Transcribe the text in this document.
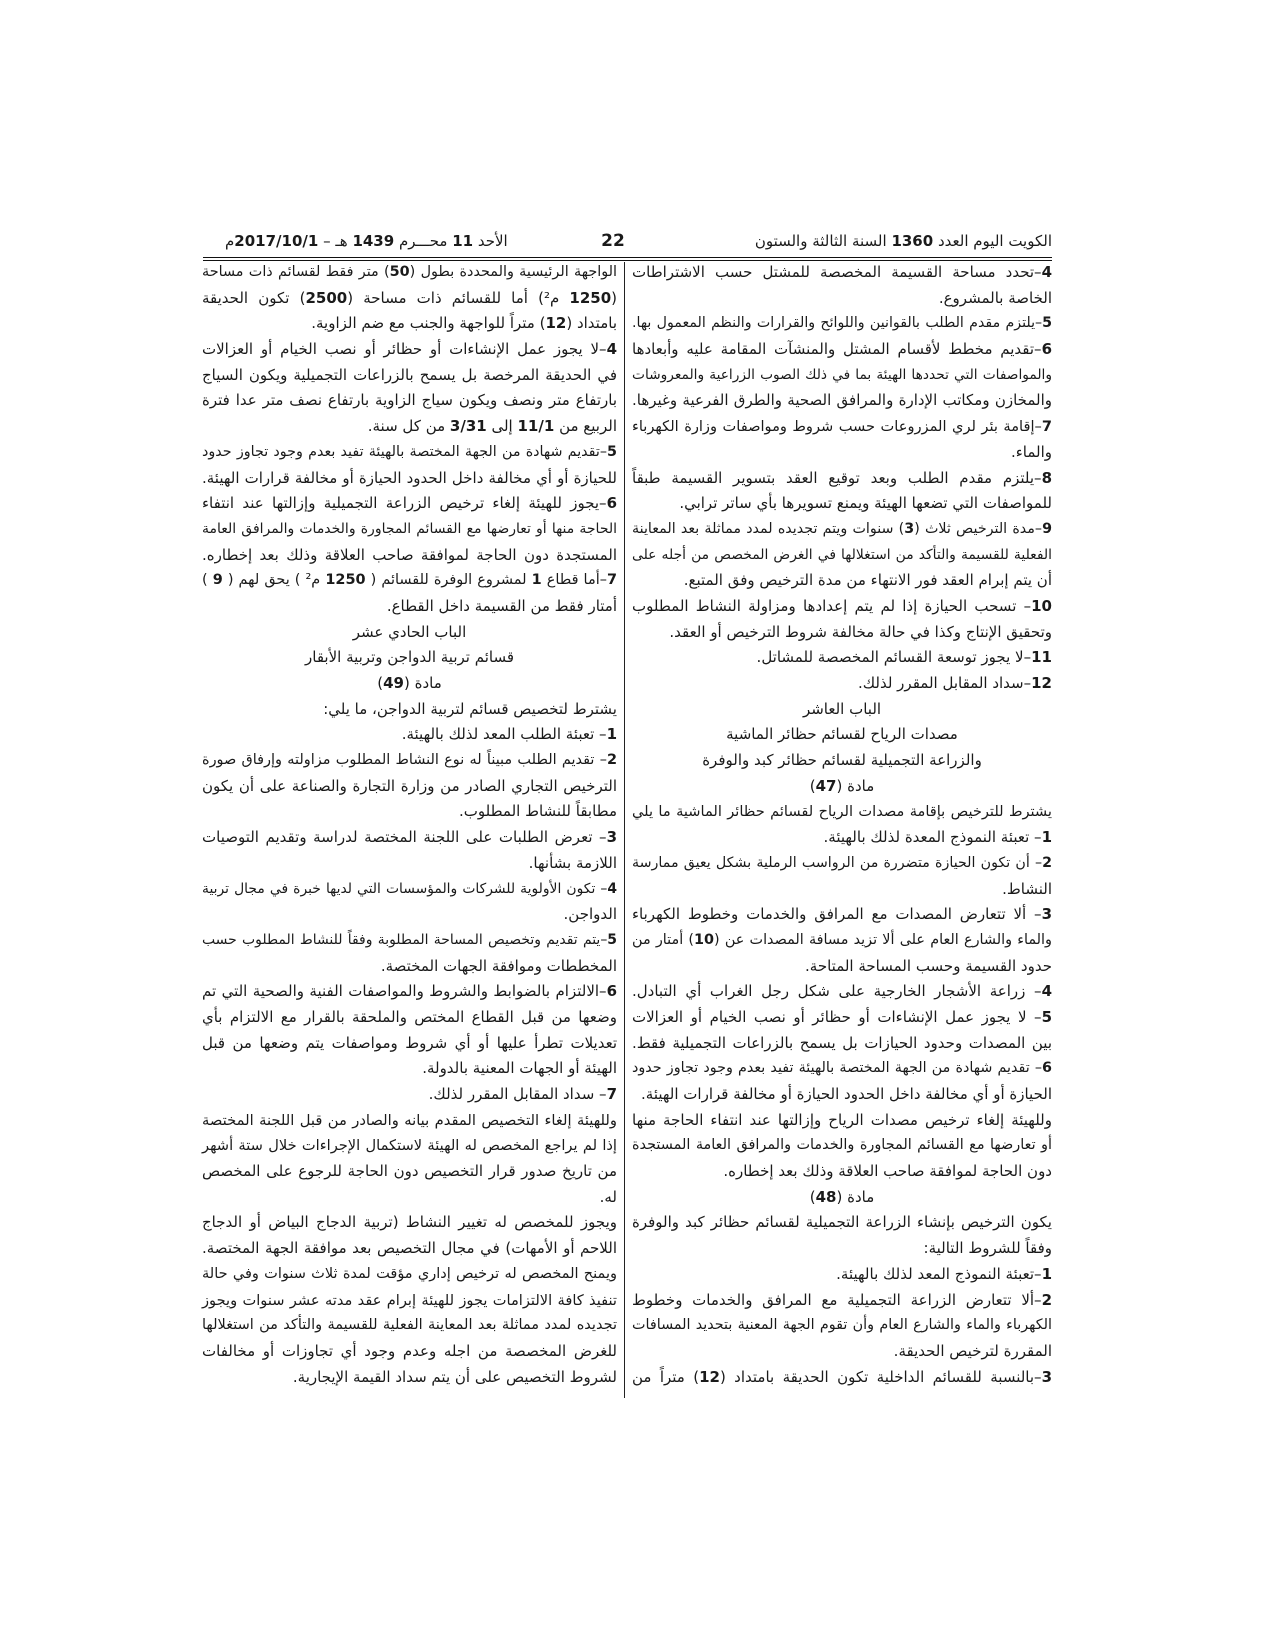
الكويت اليوم العدد 1360 السنة الثالثة والستون
22
الأحد 11 محـــرم 1439 هـ – 2017/10/1م
4–تحدد مساحة القسيمة المخصصة للمشتل حسب الاشتراطات
الخاصة بالمشروع.
5–يلتزم مقدم الطلب بالقوانين واللوائح والقرارات والنظم المعمول بها.
6–تقديم مخطط لأقسام المشتل والمنشآت المقامة عليه وأبعادها
والمواصفات التي تحددها الهيئة بما في ذلك الصوب الزراعية والمعروشات
والمخازن ومكاتب الإدارة والمرافق الصحية والطرق الفرعية وغيرها.
7–إقامة بئر لري المزروعات حسب شروط ومواصفات وزارة الكهرباء
والماء.
8–يلتزم مقدم الطلب وبعد توقيع العقد بتسوير القسيمة طبقاً
للمواصفات التي تضعها الهيئة ويمنع تسويرها بأي ساتر ترابي.
9–مدة الترخيص ثلاث (3) سنوات ويتم تجديده لمدد مماثلة بعد المعاينة
الفعلية للقسيمة والتأكد من استغلالها في الغرض المخصص من أجله على
أن يتم إبرام العقد فور الانتهاء من مدة الترخيص وفق المتبع.
10– تسحب الحيازة إذا لم يتم إعدادها ومزاولة النشاط المطلوب
وتحقيق الإنتاج وكذا في حالة مخالفة شروط الترخيص أو العقد.
11–لا يجوز توسعة القسائم المخصصة للمشاتل.
12–سداد المقابل المقرر لذلك.
الباب العاشر
مصدات الرياح لقسائم حظائر الماشية
والزراعة التجميلية لقسائم حظائر كبد والوفرة
مادة (47)
يشترط للترخيص بإقامة مصدات الرياح لقسائم حظائر الماشية ما يلي
1– تعبئة النموذج المعدة لذلك بالهيئة.
2– أن تكون الحيازة متضررة من الرواسب الرملية بشكل يعيق ممارسة
النشاط.
3– ألا تتعارض المصدات مع المرافق والخدمات وخطوط الكهرباء
والماء والشارع العام على ألا تزيد مسافة المصدات عن (10) أمتار من
حدود القسيمة وحسب المساحة المتاحة.
4– زراعة الأشجار الخارجية على شكل رجل الغراب أي التبادل.
5– لا يجوز عمل الإنشاءات أو حظائر أو نصب الخيام أو العزالات
بين المصدات وحدود الحيازات بل يسمح بالزراعات التجميلية فقط.
6– تقديم شهادة من الجهة المختصة بالهيئة تفيد بعدم وجود تجاوز حدود
الحيازة أو أي مخالفة داخل الحدود الحيازة أو مخالفة قرارات الهيئة.
وللهيئة إلغاء ترخيص مصدات الرياح وإزالتها عند انتفاء الحاجة منها
أو تعارضها مع القسائم المجاورة والخدمات والمرافق العامة المستجدة
دون الحاجة لموافقة صاحب العلاقة وذلك بعد إخطاره.
مادة (48)
يكون الترخيص بإنشاء الزراعة التجميلية لقسائم حظائر كبد والوفرة
وفقاً للشروط التالية:
1–تعبئة النموذج المعد لذلك بالهيئة.
2–ألا تتعارض الزراعة التجميلية مع المرافق والخدمات وخطوط
الكهرباء والماء والشارع العام وأن تقوم الجهة المعنية بتحديد المسافات
المقررة لترخيص الحديقة.
3–بالنسبة للقسائم الداخلية تكون الحديقة بامتداد (12) متراً من
الواجهة الرئيسية والمحددة بطول (50) متر فقط لقسائم ذات مساحة
(1250 م²) أما للقسائم ذات مساحة (2500) تكون الحديقة
بامتداد (12) متراً للواجهة والجنب مع ضم الزاوية.
4–لا يجوز عمل الإنشاءات أو حظائر أو نصب الخيام أو العزالات
في الحديقة المرخصة بل يسمح بالزراعات التجميلية ويكون السياج
بارتفاع متر ونصف ويكون سياج الزاوية بارتفاع نصف متر عدا فترة
الربيع من 11/1 إلى 3/31 من كل سنة.
5–تقديم شهادة من الجهة المختصة بالهيئة تفيد بعدم وجود تجاوز حدود
للحيازة أو أي مخالفة داخل الحدود الحيازة أو مخالفة قرارات الهيئة.
6–يجوز للهيئة إلغاء ترخيص الزراعة التجميلية وإزالتها عند انتفاء
الحاجة منها أو تعارضها مع القسائم المجاورة والخدمات والمرافق العامة
المستجدة دون الحاجة لموافقة صاحب العلاقة وذلك بعد إخطاره.
7–أما قطاع 1 لمشروع الوفرة للقسائم ( 1250 م² ) يحق لهم ( 9 )
أمتار فقط من القسيمة داخل القطاع.
الباب الحادي عشر
قسائم تربية الدواجن وتربية الأبقار
مادة (49)
يشترط لتخصيص قسائم لتربية الدواجن، ما يلي:
1– تعبئة الطلب المعد لذلك بالهيئة.
2– تقديم الطلب مبيناً له نوع النشاط المطلوب مزاولته وإرفاق صورة
الترخيص التجاري الصادر من وزارة التجارة والصناعة على أن يكون
مطابقاً للنشاط المطلوب.
3– تعرض الطلبات على اللجنة المختصة لدراسة وتقديم التوصيات
اللازمة بشأنها.
4– تكون الأولوية للشركات والمؤسسات التي لديها خبرة في مجال تربية
الدواجن.
5–يتم تقديم وتخصيص المساحة المطلوبة وفقاً للنشاط المطلوب حسب
المخططات وموافقة الجهات المختصة.
6–الالتزام بالضوابط والشروط والمواصفات الفنية والصحية التي تم
وضعها من قبل القطاع المختص والملحقة بالقرار مع الالتزام بأي
تعديلات تطرأ عليها أو أي شروط ومواصفات يتم وضعها من قبل
الهيئة أو الجهات المعنية بالدولة.
7– سداد المقابل المقرر لذلك.
وللهيئة إلغاء التخصيص المقدم بيانه والصادر من قبل اللجنة المختصة
إذا لم يراجع المخصص له الهيئة لاستكمال الإجراءات خلال ستة أشهر
من تاريخ صدور قرار التخصيص دون الحاجة للرجوع على المخصص
له.
ويجوز للمخصص له تغيير النشاط (تربية الدجاج البياض أو الدجاج
اللاحم أو الأمهات) في مجال التخصيص بعد موافقة الجهة المختصة.
ويمنح المخصص له ترخيص إداري مؤقت لمدة ثلاث سنوات وفي حالة
تنفيذ كافة الالتزامات يجوز للهيئة إبرام عقد مدته عشر سنوات ويجوز
تجديده لمدد مماثلة بعد المعاينة الفعلية للقسيمة والتأكد من استغلالها
للغرض المخصصة من اجله وعدم وجود أي تجاوزات أو مخالفات
لشروط التخصيص على أن يتم سداد القيمة الإيجارية.
